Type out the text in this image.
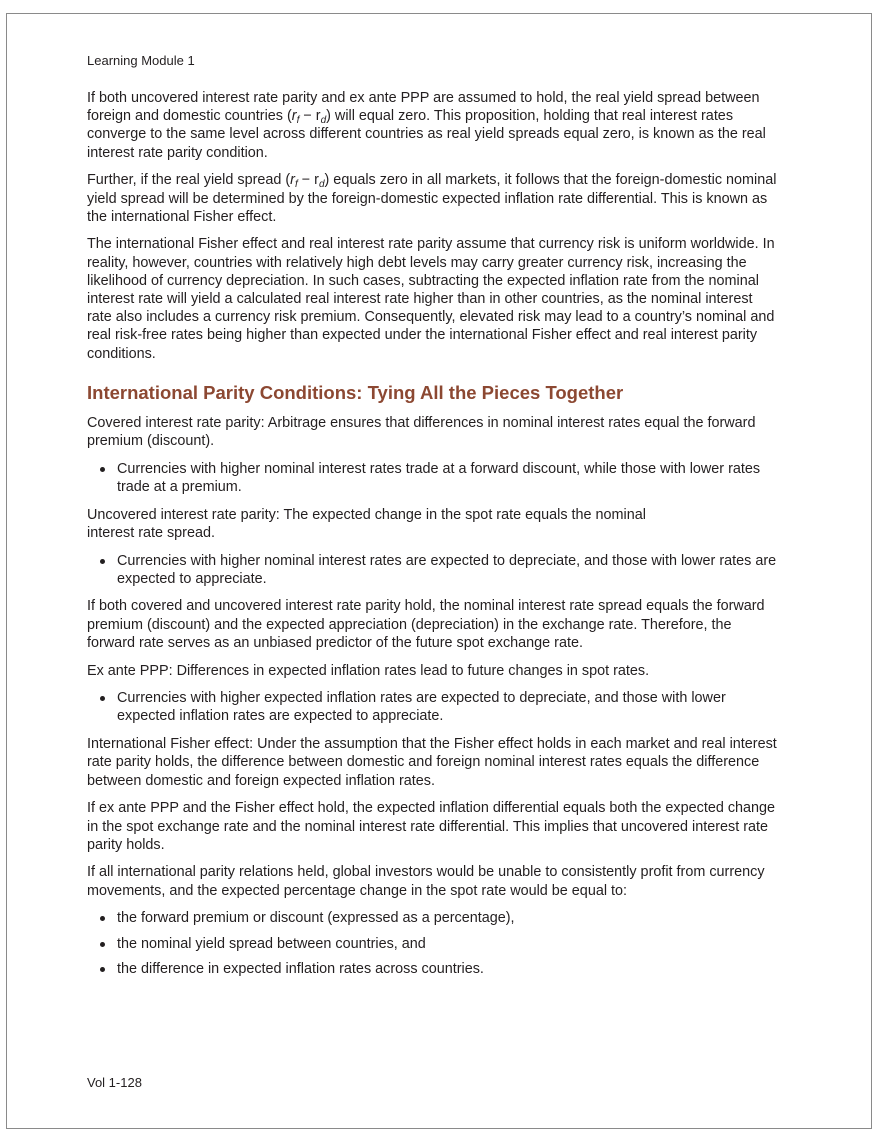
Learning Module 1

If both uncovered interest rate parity and ex ante PPP are assumed to hold, the real yield spread between foreign and domestic countries $(r_f - r_d)$ will equal zero. This proposition, holding that real interest rates converge to the same level across different countries as real yield spreads equal zero, is known as the real interest rate parity condition.

Further, if the real yield spread $(r_f - r_d)$ equals zero in all markets, it follows that the foreign-domestic nominal yield spread will be determined by the foreign-domestic expected inflation rate differential. This is known as the international Fisher effect.

The international Fisher effect and real interest rate parity assume that currency risk is uniform worldwide. In reality, however, countries with relatively high debt levels may carry greater currency risk, increasing the likelihood of currency depreciation. In such cases, subtracting the expected inflation rate from the nominal interest rate will yield a calculated real interest rate higher than in other countries, as the nominal interest rate also includes a currency risk premium. Consequently, elevated risk may lead to a country’s nominal and real risk-free rates being higher than expected under the international Fisher effect and real interest parity conditions.

International Parity Conditions: Tying All the Pieces Together

Covered interest rate parity: Arbitrage ensures that differences in nominal interest rates equal the forward premium (discount).

Currencies with higher nominal interest rates trade at a forward discount, while those with lower rates trade at a premium.

Uncovered interest rate parity: The expected change in the spot rate equals the nominal interest rate spread.

Currencies with higher nominal interest rates are expected to depreciate, and those with lower rates are expected to appreciate.

If both covered and uncovered interest rate parity hold, the nominal interest rate spread equals the forward premium (discount) and the expected appreciation (depreciation) in the exchange rate. Therefore, the forward rate serves as an unbiased predictor of the future spot exchange rate.

Ex ante PPP: Differences in expected inflation rates lead to future changes in spot rates.

Currencies with higher expected inflation rates are expected to depreciate, and those with lower expected inflation rates are expected to appreciate.

International Fisher effect: Under the assumption that the Fisher effect holds in each market and real interest rate parity holds, the difference between domestic and foreign nominal interest rates equals the difference between domestic and foreign expected inflation rates.

If ex ante PPP and the Fisher effect hold, the expected inflation differential equals both the expected change in the spot exchange rate and the nominal interest rate differential. This implies that uncovered interest rate parity holds.

If all international parity relations held, global investors would be unable to consistently profit from currency movements, and the expected percentage change in the spot rate would be equal to:

the forward premium or discount (expressed as a percentage),
the nominal yield spread between countries, and
the difference in expected inflation rates across countries.
Vol 1-128
